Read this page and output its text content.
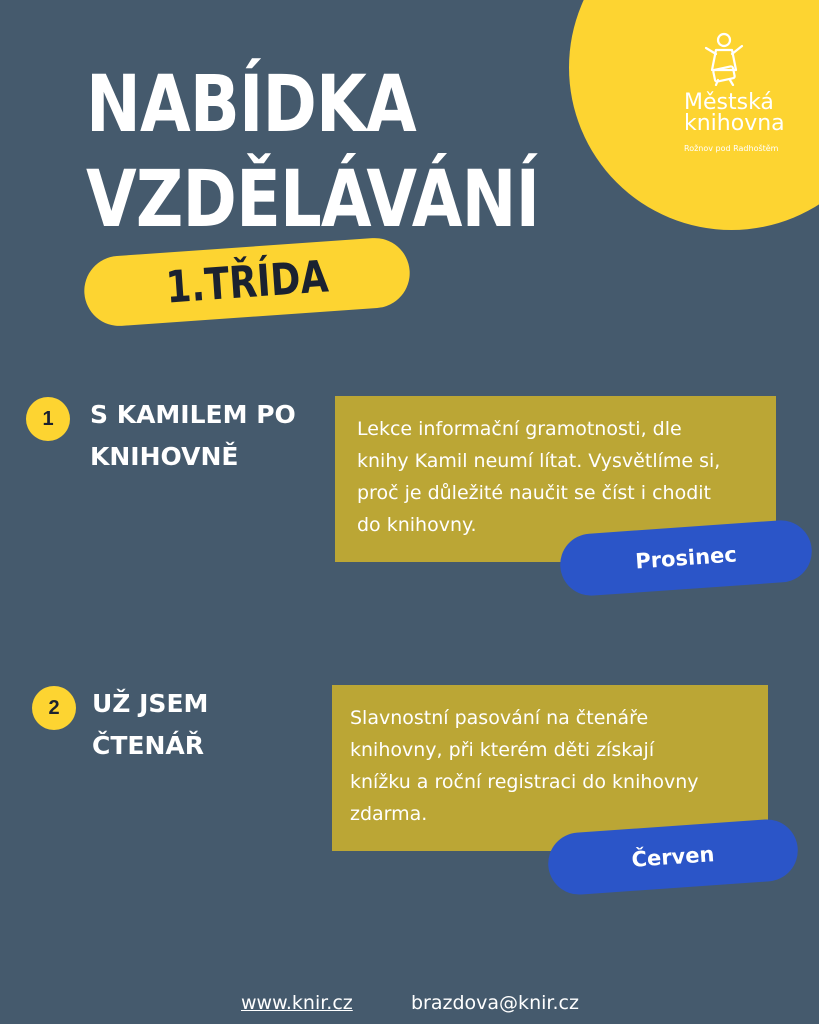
Městská
knihovna
Rožnov pod Radhoštěm
NABÍDKA
VZDĚLÁVÁNÍ
1.TŘÍDA
1	S KAMILEM PO
KNIHOVNĚ
Lekce informační gramotnosti, dle
knihy Kamil neumí lítat. Vysvětlíme si,
proč je důležité naučit se číst i chodit
do knihovny.
Prosinec
2	UŽ JSEM
ČTENÁŘ
Slavnostní pasování na čtenáře
knihovny, při kterém děti získají
knížku a roční registraci do knihovny
zdarma.
Červen
www.knir.cz	brazdova@knir.cz
